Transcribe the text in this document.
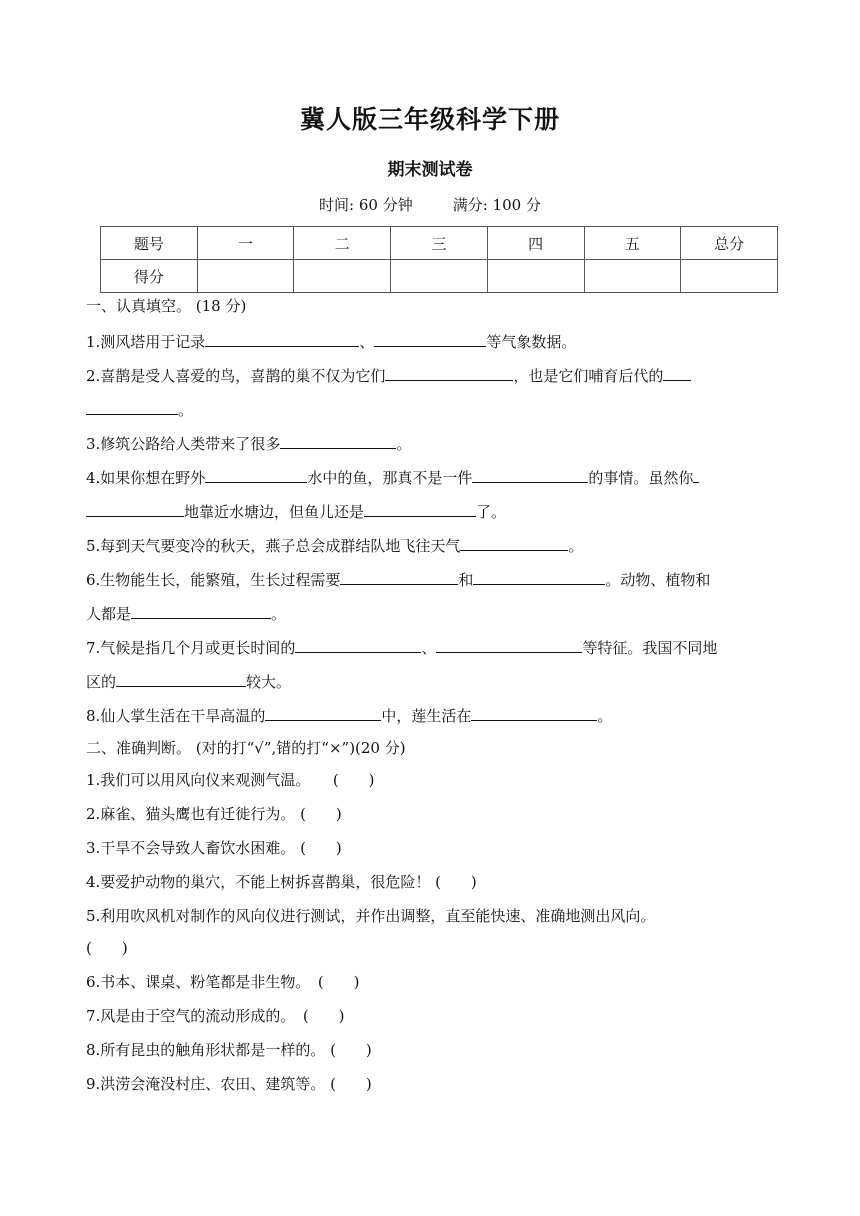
冀人版三年级科学下册
期末测试卷
时间: 60 分钟	满分: 100 分
题号	一	二	三	四	五	总分
得分						
一、认真填空。 (18 分)
1.测风塔用于记录	、	等气象数据。
2.喜鹊是受人喜爱的鸟，喜鹊的巢不仅为它们	，也是它们哺育后代的
。
3.修筑公路给人类带来了很多	。
4.如果你想在野外	水中的鱼，那真不是一件	的事情。虽然你
地靠近水塘边，但鱼儿还是	了。
5.每到天气要变冷的秋天，燕子总会成群结队地飞往天气	。
6.生物能生长，能繁殖，生长过程需要	和	。动物、植物和
人都是	。
7.气候是指几个月或更长时间的	、	等特征。我国不同地
区的	较大。
8.仙人掌生活在干旱高温的	中，莲生活在	。
二、准确判断。 (对的打“√”,错的打“×”)(20 分)
1.我们可以用风向仪来观测气温。　　(　　)
2.麻雀、猫头鹰也有迁徙行为。 (　　)
3.干旱不会导致人畜饮水困难。 (　　)
4.要爱护动物的巢穴，不能上树拆喜鹊巢，很危险！ (　　)
5.利用吹风机对制作的风向仪进行测试，并作出调整，直至能快速、准确地测出风向。
(　　)
6.书本、课桌、粉笔都是非生物。　(　　)
7.风是由于空气的流动形成的。　(　　)
8.所有昆虫的触角形状都是一样的。 (　　)
9.洪涝会淹没村庄、农田、建筑等。 (　　)
